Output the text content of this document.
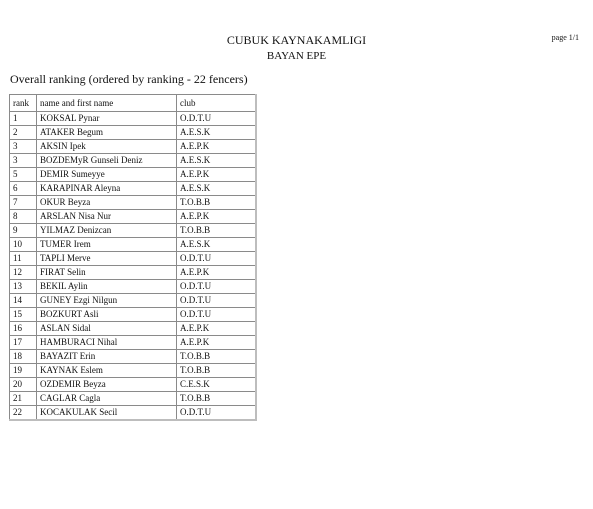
CUBUK KAYNAKAMLIGI
BAYAN EPE
page 1/1
Overall ranking (ordered by ranking - 22 fencers)
rank	name and first name	club
1	KOKSAL Pynar	O.D.T.U
2	ATAKER Begum	A.E.S.K
3	AKSIN Ipek	A.E.P.K
3	BOZDEMyR Gunseli Deniz	A.E.S.K
5	DEMIR Sumeyye	A.E.P.K
6	KARAPINAR Aleyna	A.E.S.K
7	OKUR Beyza	T.O.B.B
8	ARSLAN Nisa Nur	A.E.P.K
9	YILMAZ Denizcan	T.O.B.B
10	TUMER Irem	A.E.S.K
11	TAPLI Merve	O.D.T.U
12	FIRAT Selin	A.E.P.K
13	BEKIL Aylin	O.D.T.U
14	GUNEY Ezgi Nilgun	O.D.T.U
15	BOZKURT Asli	O.D.T.U
16	ASLAN Sidal	A.E.P.K
17	HAMBURACI Nihal	A.E.P.K
18	BAYAZIT Erin	T.O.B.B
19	KAYNAK Eslem	T.O.B.B
20	OZDEMIR Beyza	C.E.S.K
21	CAGLAR Cagla	T.O.B.B
22	KOCAKULAK Secil	O.D.T.U
